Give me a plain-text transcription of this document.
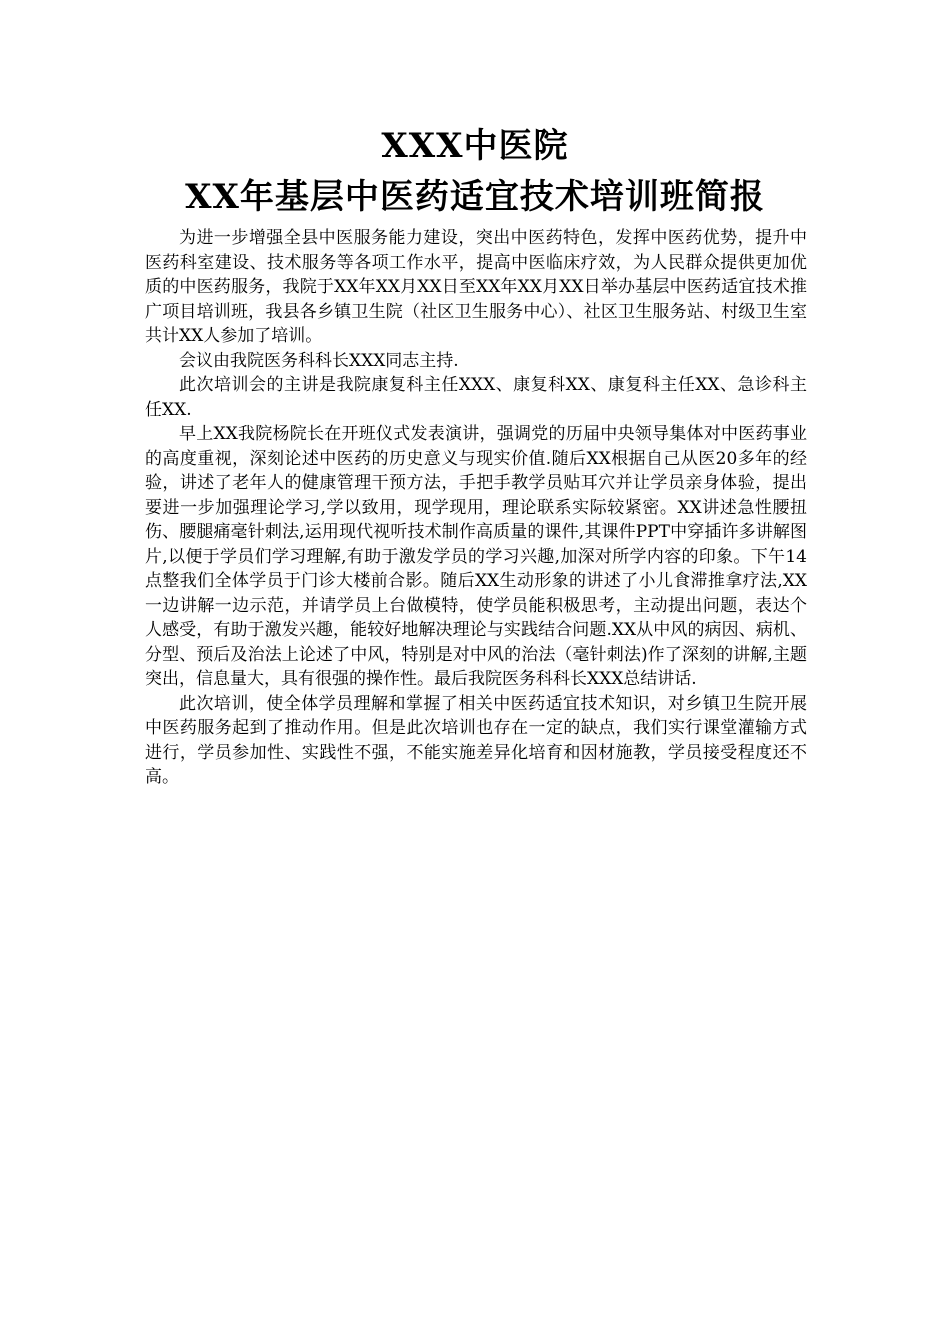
XXX中医院
XX年基层中医药适宜技术培训班简报

为进一步增强全县中医服务能力建设，突出中医药特色，发挥中医药优势，提升中医药科室建设、技术服务等各项工作水平，提高中医临床疗效，为人民群众提供更加优质的中医药服务，我院于XX年XX月XX日至XX年XX月XX日举办基层中医药适宜技术推广项目培训班，我县各乡镇卫生院（社区卫生服务中心）、社区卫生服务站、村级卫生室共计XX人参加了培训。

会议由我院医务科科长XXX同志主持.

此次培训会的主讲是我院康复科主任XXX、康复科XX、康复科主任XX、急诊科主任XX.

早上XX我院杨院长在开班仪式发表演讲，强调党的历届中央领导集体对中医药事业的高度重视，深刻论述中医药的历史意义与现实价值.随后XX根据自己从医20多年的经验，讲述了老年人的健康管理干预方法，手把手教学员贴耳穴并让学员亲身体验，提出要进一步加强理论学习,学以致用，现学现用，理论联系实际较紧密。XX讲述急性腰扭伤、腰腿痛毫针刺法,运用现代视听技术制作高质量的课件,其课件PPT中穿插许多讲解图片,以便于学员们学习理解,有助于激发学员的学习兴趣,加深对所学内容的印象。下午14点整我们全体学员于门诊大楼前合影。随后XX生动形象的讲述了小儿食滞推拿疗法,XX一边讲解一边示范，并请学员上台做模特，使学员能积极思考，主动提出问题，表达个人感受，有助于激发兴趣，能较好地解决理论与实践结合问题.XX从中风的病因、病机、分型、预后及治法上论述了中风，特别是对中风的治法（毫针刺法)作了深刻的讲解,主题突出，信息量大，具有很强的操作性。最后我院医务科科长XXX总结讲话.

此次培训，使全体学员理解和掌握了相关中医药适宜技术知识，对乡镇卫生院开展中医药服务起到了推动作用。但是此次培训也存在一定的缺点，我们实行课堂灌输方式进行，学员参加性、实践性不强，不能实施差异化培育和因材施教，学员接受程度还不高。
